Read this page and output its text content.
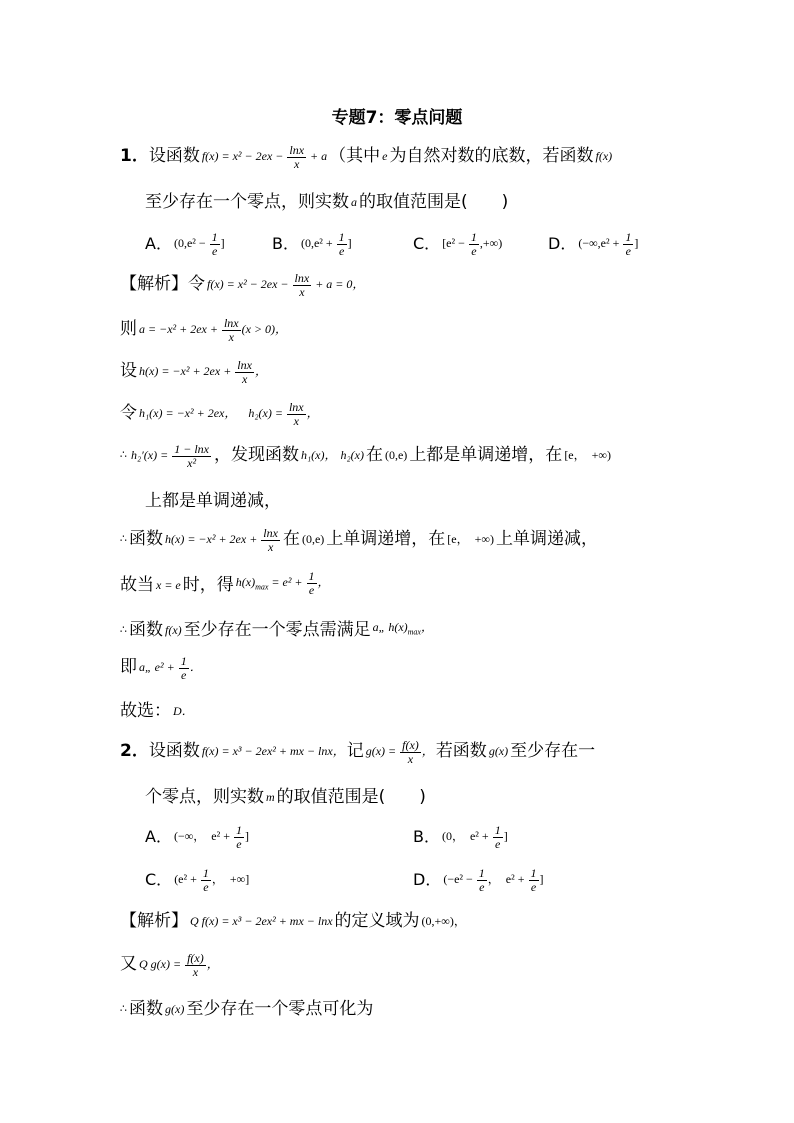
专题7：零点问题
1． 设函数 $f(x) = x^2 - 2ex - \frac{\ln x}{x} + a$ （其中 e 为自然对数的底数，若函数 f(x)
至少存在一个零点，则实数 a 的取值范围是(　　)
A． ($0,e^2 - \frac{1}{e}$ ]	B． ($0,e^2 + \frac{1}{e}$ ]	C． [$e^2 - \frac{1}{e}$ ,+∞)	D． ($-\infty,e^2 + \frac{1}{e}$ ]
【解析】令 $f(x) = x^2 - 2ex - \frac{\ln x}{x} + a = 0$，
则 $a = -x^2 + 2ex + \frac{\ln x}{x} (x > 0)$，
设 $h(x) = -x^2 + 2ex + \frac{\ln x}{x}$ ，
令 h₁(x) = −x² + 2ex， $h_2(x) = \frac{\ln x}{x}$ ，
∴ $h_2'(x) = \frac{1 - \ln x}{\text{x²}}$ ，发现函数 h₁(x)， h₂(x) 在 (0,e) 上都是单调递增，在 [e，　+∞)
上都是单调递减，
∴ 函数 $h(x) = -x^2 + 2ex + \frac{\ln x}{x}$ 在 (0,e) 上单调递增，在 [e，　+∞) 上单调递减，
故当 x = e 时，得 $h(x)_{max} = e^2 + \frac{1}{e}$ ，
∴ 函数 f(x) 至少存在一个零点需满足 a„ $h(x)_{max}$，
即 a„ $e^2 + \frac{1}{e}$ ．
故选： D．
2． 设函数 f(x) = x³ − 2ex² + mx − lnx， 记 $g(x) = \frac{f(x)}{x}$ ， 若函数 g(x) 至少存在一
个零点，则实数 m 的取值范围是(　　)
A． (−∞，　$e^2 + \frac{1}{e}$ ]	B． (0，　$e^2 + \frac{1}{e}$ ]
C． ($e^2 + \frac{1}{e}$ ，　+∞]	D． ($-e^2 - \frac{1}{e}$ ，　$e^2 + \frac{1}{e}$ ]
【解析】 Q f(x) = x³ − 2ex² + mx − lnx 的定义域为 (0,+∞)，
又 Q $g(x) = \frac{f(x)}{x}$ ，
∴ 函数 g(x) 至少存在一个零点可化为
